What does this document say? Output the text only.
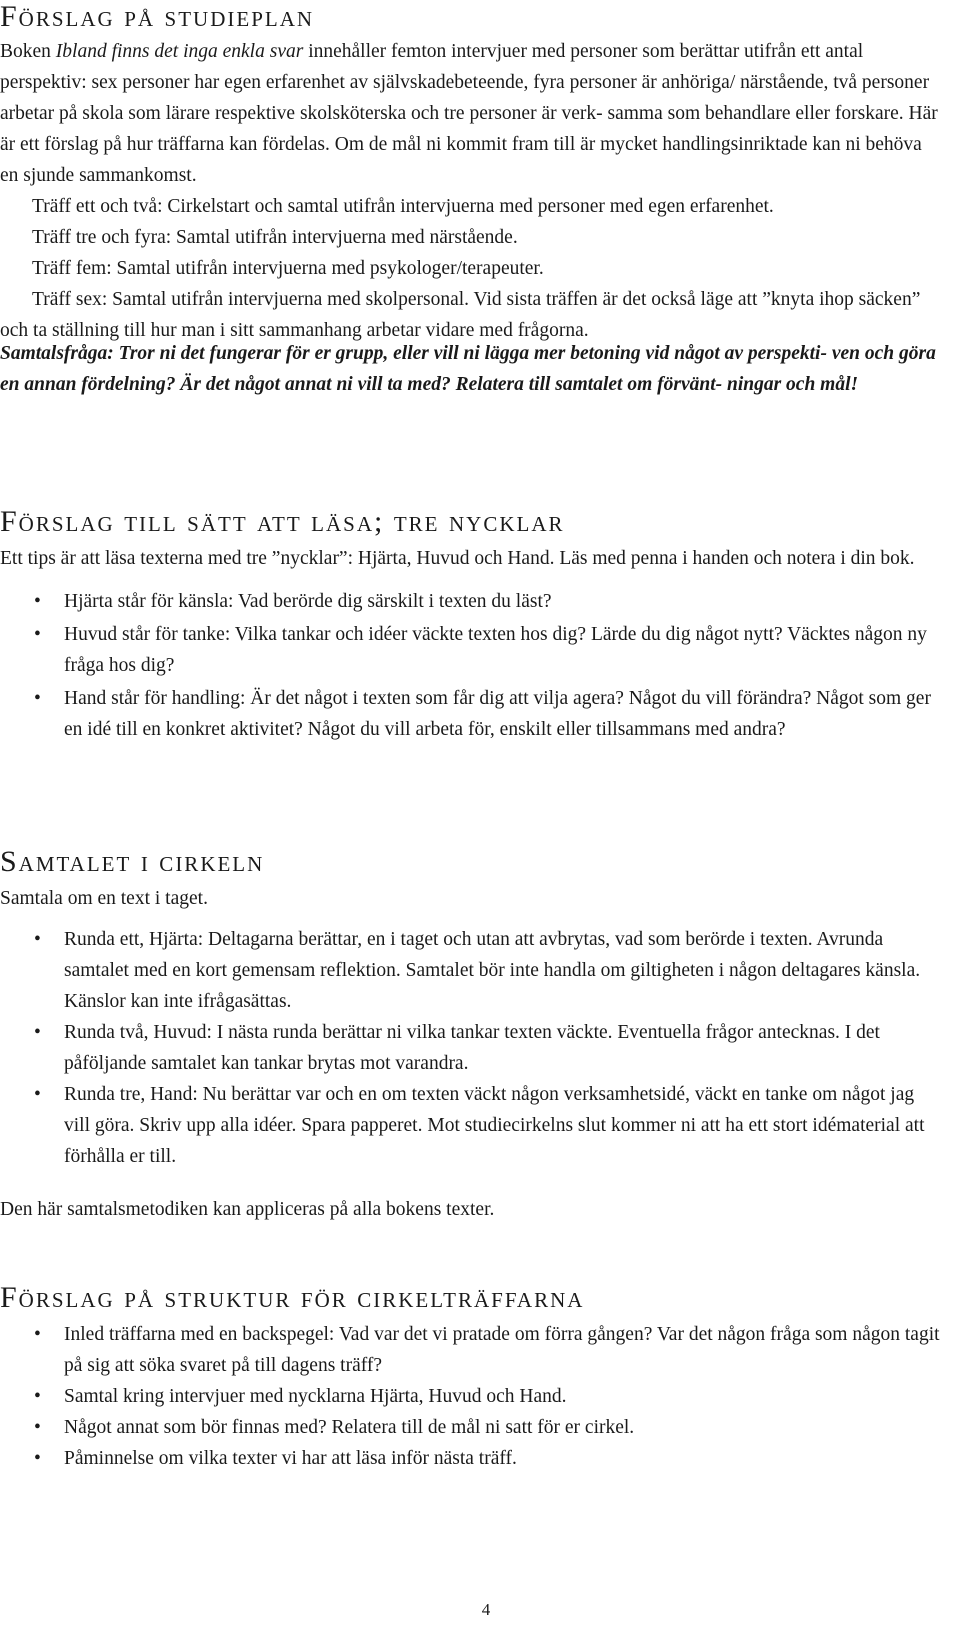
Förslag på studieplan

Boken Ibland finns det inga enkla svar innehåller femton intervjuer med personer som berättar utifrån ett antal perspektiv: sex personer har egen erfarenhet av självskadebeteende, fyra personer är anhöriga/ närstående, två personer arbetar på skola som lärare respektive skolsköterska och tre personer är verk- samma som behandlare eller forskare. Här är ett förslag på hur träffarna kan fördelas. Om de mål ni kommit fram till är mycket handlingsinriktade kan ni behöva en sjunde sammankomst.

Träff ett och två: Cirkelstart och samtal utifrån intervjuerna med personer med egen erfarenhet.

Träff tre och fyra: Samtal utifrån intervjuerna med närstående.

Träff fem: Samtal utifrån intervjuerna med psykologer/terapeuter.

Träff sex: Samtal utifrån intervjuerna med skolpersonal. Vid sista träffen är det också läge att ”knyta ihop säcken” och ta ställning till hur man i sitt sammanhang arbetar vidare med frågorna.

Samtalsfråga: Tror ni det fungerar för er grupp, eller vill ni lägga mer betoning vid något av perspekti- ven och göra en annan fördelning? Är det något annat ni vill ta med? Relatera till samtalet om förvänt- ningar och mål!

Förslag till sätt att läsa; tre nycklar

Ett tips är att läsa texterna med tre ”nycklar”: Hjärta, Huvud och Hand. Läs med penna i handen och notera i din bok.

• Hjärta står för känsla: Vad berörde dig särskilt i texten du läst?
• Huvud står för tanke: Vilka tankar och idéer väckte texten hos dig? Lärde du dig något nytt? Väcktes någon ny fråga hos dig?
• Hand står för handling: Är det något i texten som får dig att vilja agera? Något du vill förändra? Något som ger en idé till en konkret aktivitet? Något du vill arbeta för, enskilt eller tillsammans med andra?
Samtalet i cirkeln

Samtala om en text i taget.

• Runda ett, Hjärta: Deltagarna berättar, en i taget och utan att avbrytas, vad som berörde i texten. Avrunda samtalet med en kort gemensam reflektion. Samtalet bör inte handla om giltigheten i någon deltagares känsla. Känslor kan inte ifrågasättas.
• Runda två, Huvud: I nästa runda berättar ni vilka tankar texten väckte. Eventuella frågor antecknas. I det påföljande samtalet kan tankar brytas mot varandra.
• Runda tre, Hand: Nu berättar var och en om texten väckt någon verksamhetsidé, väckt en tanke om något jag vill göra. Skriv upp alla idéer. Spara papperet. Mot studiecirkelns slut kommer ni att ha ett stort idématerial att förhålla er till.

Den här samtalsmetodiken kan appliceras på alla bokens texter.

Förslag på struktur för cirkelträffarna
• Inled träffarna med en backspegel: Vad var det vi pratade om förra gången? Var det någon fråga som någon tagit på sig att söka svaret på till dagens träff?
• Samtal kring intervjuer med nycklarna Hjärta, Huvud och Hand.
• Något annat som bör finnas med? Relatera till de mål ni satt för er cirkel.
• Påminnelse om vilka texter vi har att läsa inför nästa träff.
4
